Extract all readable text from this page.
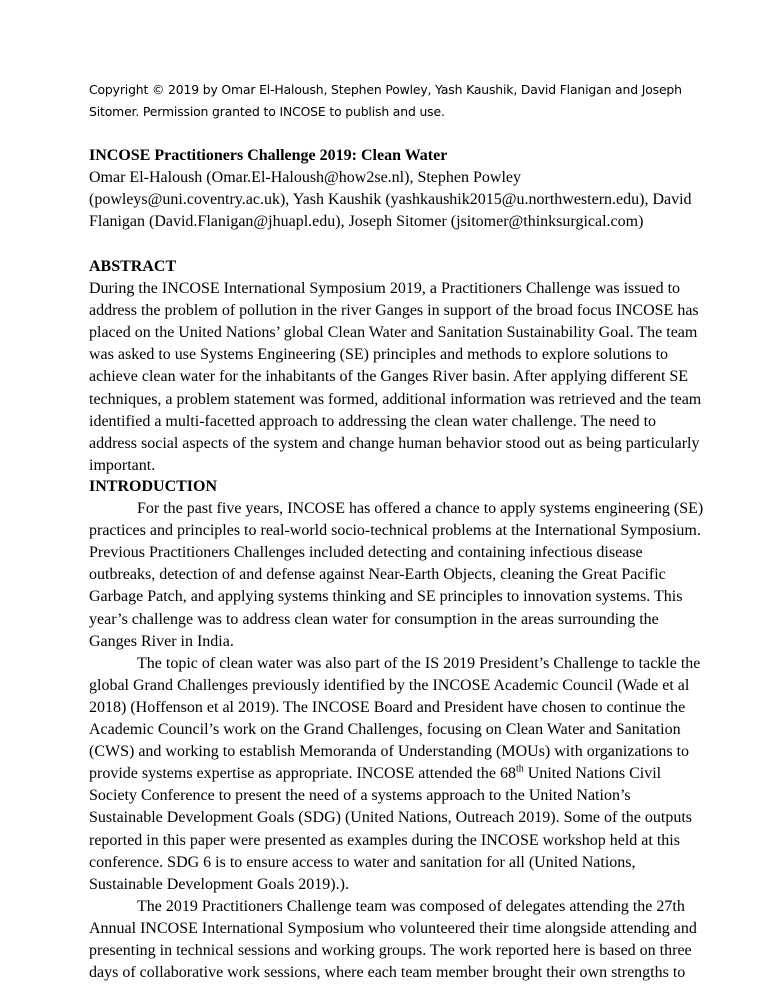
Copyright © 2019 by Omar El-Haloush, Stephen Powley, Yash Kaushik, David Flanigan and Joseph Sitomer. Permission granted to INCOSE to publish and use.

INCOSE Practitioners Challenge 2019: Clean Water

Omar El-Haloush (Omar.El-Haloush@how2se.nl), Stephen Powley (powleys@uni.coventry.ac.uk), Yash Kaushik (yashkaushik2015@u.northwestern.edu), David Flanigan (David.Flanigan@jhuapl.edu), Joseph Sitomer (jsitomer@thinksurgical.com)

ABSTRACT

During the INCOSE International Symposium 2019, a Practitioners Challenge was issued to address the problem of pollution in the river Ganges in support of the broad focus INCOSE has placed on the United Nations’ global Clean Water and Sanitation Sustainability Goal. The team was asked to use Systems Engineering (SE) principles and methods to explore solutions to achieve clean water for the inhabitants of the Ganges River basin. After applying different SE techniques, a problem statement was formed, additional information was retrieved and the team identified a multi-facetted approach to addressing the clean water challenge. The need to address social aspects of the system and change human behavior stood out as being particularly important.

INTRODUCTION

For the past five years, INCOSE has offered a chance to apply systems engineering (SE) practices and principles to real-world socio-technical problems at the International Symposium. Previous Practitioners Challenges included detecting and containing infectious disease outbreaks, detection of and defense against Near-Earth Objects, cleaning the Great Pacific Garbage Patch, and applying systems thinking and SE principles to innovation systems. This year’s challenge was to address clean water for consumption in the areas surrounding the Ganges River in India.

The topic of clean water was also part of the IS 2019 President’s Challenge to tackle the global Grand Challenges previously identified by the INCOSE Academic Council (Wade et al 2018) (Hoffenson et al 2019). The INCOSE Board and President have chosen to continue the Academic Council’s work on the Grand Challenges, focusing on Clean Water and Sanitation (CWS) and working to establish Memoranda of Understanding (MOUs) with organizations to provide systems expertise as appropriate. INCOSE attended the 68th United Nations Civil Society Conference to present the need of a systems approach to the United Nation’s Sustainable Development Goals (SDG) (United Nations, Outreach 2019). Some of the outputs reported in this paper were presented as examples during the INCOSE workshop held at this conference. SDG 6 is to ensure access to water and sanitation for all (United Nations, Sustainable Development Goals 2019).).

The 2019 Practitioners Challenge team was composed of delegates attending the 27th Annual INCOSE International Symposium who volunteered their time alongside attending and presenting in technical sessions and working groups. The work reported here is based on three days of collaborative work sessions, where each team member brought their own strengths to
